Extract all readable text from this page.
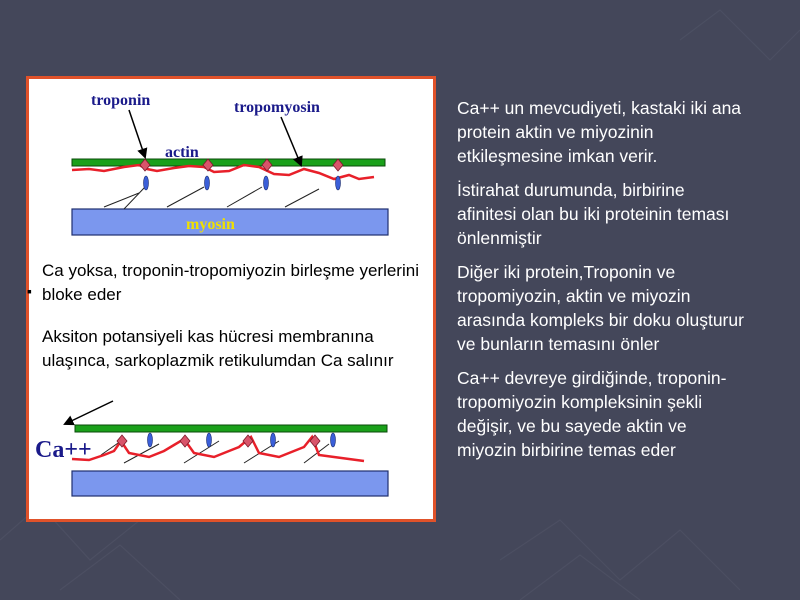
troponin	tropomyosin
actin
myosin
Ca++
▪
Ca yoksa, troponin-tropomiyozin birleşme yerlerini bloke eder
Aksiton potansiyeli kas hücresi membranına ulaşınca, sarkoplazmik retikulumdan Ca salınır

Ca++ un mevcudiyeti, kastaki iki ana protein aktin ve miyozinin etkileşmesine imkan verir.

İstirahat durumunda, birbirine afinitesi olan bu iki proteinin teması önlenmiştir

Diğer iki protein,Troponin ve tropomiyozin, aktin ve miyozin arasında kompleks bir doku oluşturur ve bunların temasını önler

Ca++ devreye girdiğinde, troponin-tropomiyozin kompleksinin şekli değişir, ve bu sayede aktin ve miyozin birbirine temas eder
